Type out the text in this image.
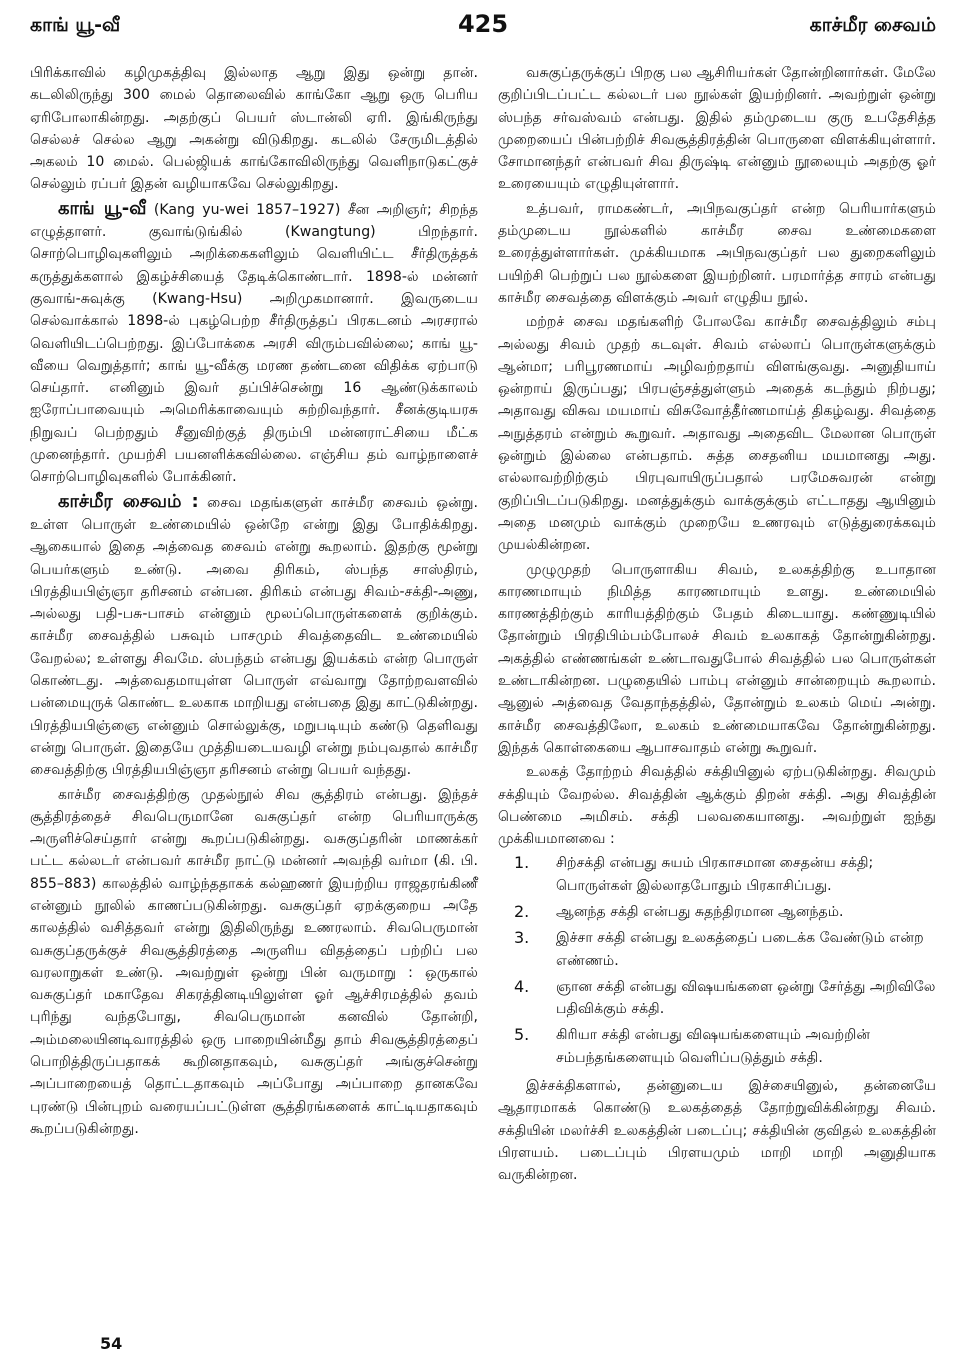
காங் யூ-வீ	425	காச்மீர சைவம்

பிரிக்காவில் கழிமுகத்திவு இல்லாத ஆறு இது ஒன்று தான். கடலிலிருந்து 300 மைல் தொலைவில் காங்கோ ஆறு ஒரு பெரிய ஏரிபோலாகின்றது. அதற்குப் பெயர் ஸ்டான்லி ஏரி. இங்கிருந்து செல்லச் செல்ல ஆறு அகன்று விடுகிறது. கடலில் சேருமிடத்தில் அகலம் 10 மைல். பெல்ஜியக் காங்கோவிலிருந்து வெளிநாடுகட்குச் செல்லும் ரப்பர் இதன் வழியாகவே செல்லுகிறது.

காங் யூ-வீ (Kang yu-wei 1857–1927) சீன அறிஞர்; சிறந்த எழுத்தாளர். குவாங்டுங்கில் (Kwangtung) பிறந்தார். சொற்பொழிவுகளிலும் அறிக்கைகளிலும் வெளியிட்ட சீர்திருத்தக் கருத்துக்களால் இகழ்ச்சியைத் தேடிக்கொண்டார். 1898-ல் மன்னர் குவாங்-சுவுக்கு (Kwang-Hsu) அறிமுகமானார். இவருடைய செல்வாக்கால் 1898-ல் புகழ்பெற்ற சீர்திருத்தப் பிரகடனம் அரசரால் வெளியிடப்பெற்றது. இப்போக்கை அரசி விரும்பவில்லை; காங் யூ-வீயை வெறுத்தார்; காங் யூ-வீக்கு மரண தண்டனை விதிக்க ஏற்பாடு செய்தார். எனினும் இவர் தப்பிச்சென்று 16 ஆண்டுக்காலம் ஐரோப்பாவையும் அமெரிக்காவையும் சுற்றிவந்தார். சீனக்குடியரசு நிறுவப் பெற்றதும் சீனுவிற்குத் திரும்பி மன்னராட்சியை மீட்க முனைந்தார். முயற்சி பயனளிக்கவில்லை. எஞ்சிய தம் வாழ்நாளைச் சொற்பொழிவுகளில் போக்கினர்.

காச்மீர சைவம் : சைவ மதங்களுள் காச்மீர சைவம் ஒன்று. உள்ள பொருள் உண்மையில் ஒன்றே என்று இது போதிக்கிறது. ஆகையால் இதை அத்வைத சைவம் என்று கூறலாம். இதற்கு மூன்று பெயர்களும் உண்டு. அவை திரிகம், ஸ்பந்த சாஸ்திரம், பிரத்தியபிஞ்ஞா தரிசனம் என்பன. திரிகம் என்பது சிவம்-சக்தி-அணு, அல்லது பதி-பசு-பாசம் என்னும் மூலப்பொருள்களைக் குறிக்கும். காச்மீர சைவத்தில் பசுவும் பாசமும் சிவத்தைவிட உண்மையில் வேறல்ல; உள்ளது சிவமே. ஸ்பந்தம் என்பது இயக்கம் என்ற பொருள் கொண்டது. அத்வைதமாயுள்ள பொருள் எவ்வாறு தோற்றவளவில் பன்மையுருக் கொண்ட உலகாக மாறியது என்பதை இது காட்டுகின்றது. பிரத்தியபிஞ்ஞை என்னும் சொல்லுக்கு, மறுபடியும் கண்டு தெளிவது என்று பொருள். இதையே முத்தியடையவழி என்று நம்புவதால் காச்மீர சைவத்திற்கு பிரத்தியபிஞ்ஞா தரிசனம் என்று பெயர் வந்தது.

காச்மீர சைவத்திற்கு முதல்நூல் சிவ சூத்திரம் என்பது. இந்தச் சூத்திரத்தைச் சிவபெருமானே வசுகுப்தர் என்ற பெரியாருக்கு அருளிச்செய்தார் என்று கூறப்படுகின்றது. வசுகுப்தரின் மாணக்கர் பட்ட கல்லடர் என்பவர் காச்மீர நாட்டு மன்னர் அவந்தி வர்மா (கி. பி. 855–883) காலத்தில் வாழ்ந்ததாகக் கல்ஹணர் இயற்றிய ராஜதரங்கிணீ என்னும் நூலில் காணப்படுகின்றது. வசுகுப்தர் ஏறக்குறைய அதே காலத்தில் வசித்தவர் என்று இதிலிருந்து உணரலாம். சிவபெருமான் வசுகுப்தருக்குச் சிவசூத்திரத்தை அருளிய விதத்தைப் பற்றிப் பல வரலாறுகள் உண்டு. அவற்றுள் ஒன்று பின் வருமாறு : ஒருகால் வசுகுப்தர் மகாதேவ சிகரத்தினடியிலுள்ள ஓர் ஆச்சிரமத்தில் தவம் புரிந்து வந்தபோது, சிவபெருமான் கனவில் தோன்றி, அம்மலையினடிவாரத்தில் ஒரு பாறையின்மீது தாம் சிவசூத்திரத்தைப் பொறித்திருப்பதாகக் கூறினதாகவும், வசுகுப்தர் அங்குச்சென்று அப்பாறையைத் தொட்டதாகவும் அப்போது அப்பாறை தானகவே புரண்டு பின்புறம் வரையப்பட்டுள்ள சூத்திரங்களைக் காட்டியதாகவும் கூறப்படுகின்றது.

வசுகுப்தருக்குப் பிறகு பல ஆசிரியர்கள் தோன்றினார்கள். மேலே குறிப்பிடப்பட்ட கல்லடர் பல நூல்கள் இயற்றினர். அவற்றுள் ஒன்று ஸ்பந்த சர்வஸ்வம் என்பது. இதில் தம்முடைய குரு உபதேசித்த முறையைப் பின்பற்றிச் சிவசூத்திரத்தின் பொருளை விளக்கியுள்ளார். சோமானந்தர் என்பவர் சிவ திருஷ்டி என்னும் நூலையும் அதற்கு ஓர் உரையையும் எழுதியுள்ளார்.

உத்பவர், ராமகண்டர், அபிநவகுப்தர் என்ற பெரியார்களும் தம்முடைய நூல்களில் காச்மீர சைவ உண்மைகளை உரைத்துள்ளார்கள். முக்கியமாக அபிநவகுப்தர் பல துறைகளிலும் பயிற்சி பெற்றுப் பல நூல்களை இயற்றினர். பரமார்த்த சாரம் என்பது காச்மீர சைவத்தை விளக்கும் அவர் எழுதிய நூல்.

மற்றச் சைவ மதங்களிற் போலவே காச்மீர சைவத்திலும் சம்பு அல்லது சிவம் முதற் கடவுள். சிவம் எல்லாப் பொருள்களுக்கும் ஆன்மா; பரிபூரணமாய் அழிவற்றதாய் விளங்குவது. அனுதியாய் ஒன்றாய் இருப்பது; பிரபஞ்சத்துள்ளும் அதைக் கடந்தும் நிற்பது; அதாவது விசுவ மயமாய் விசுவோத்தீர்ணமாய்த் திகழ்வது. சிவத்தை அநுத்தரம் என்றும் கூறுவர். அதாவது அதைவிட மேலான பொருள் ஒன்றும் இல்லை என்பதாம். சுத்த சைதனிய மயமானது அது. எல்லாவற்றிற்கும் பிரபுவாயிருப்பதால் பரமேசுவரன் என்று குறிப்பிடப்படுகிறது. மனத்துக்கும் வாக்குக்கும் எட்டாதது ஆயினும் அதை மனமும் வாக்கும் முறையே உணரவும் எடுத்துரைக்கவும் முயல்கின்றன.

முழுமுதற் பொருளாகிய சிவம், உலகத்திற்கு உபாதான காரணமாயும் நிமித்த காரணமாயும் உளது. உண்மையில் காரணத்திற்கும் காரியத்திற்கும் பேதம் கிடையாது. கண்ணுடியில் தோன்றும் பிரதிபிம்பம்போலச் சிவம் உலகாகத் தோன்றுகின்றது. அகத்தில் எண்ணங்கள் உண்டாவதுபோல் சிவத்தில் பல பொருள்கள் உண்டாகின்றன. பழுதையில் பாம்பு என்னும் சான்றையும் கூறலாம். ஆனுல் அத்வைத வேதாந்தத்தில், தோன்றும் உலகம் மெய் அன்று. காச்மீர சைவத்திலோ, உலகம் உண்மையாகவே தோன்றுகின்றது. இந்தக் கொள்கையை ஆபாசவாதம் என்று கூறுவர்.

உலகத் தோற்றம் சிவத்தில் சக்தியினுல் ஏற்படுகின்றது. சிவமும் சக்தியும் வேறல்ல. சிவத்தின் ஆக்கும் திறன் சக்தி. அது சிவத்தின் பெண்மை அமிசம். சக்தி பலவகையானது. அவற்றுள் ஐந்து முக்கியமானவை :

1.	சிற்சக்தி என்பது சுயம் பிரகாசமான சைதன்ய சக்தி; பொருள்கள் இல்லாதபோதும் பிரகாசிப்பது.
2.	ஆனந்த சக்தி என்பது சுதந்திரமான ஆனந்தம்.
3.	இச்சா சக்தி என்பது உலகத்தைப் படைக்க வேண்டும் என்ற எண்ணம்.
4.	ஞான சக்தி என்பது விஷயங்களை ஒன்று சேர்த்து அறிவிலே பதிவிக்கும் சக்தி.
5.	கிரியா சக்தி என்பது விஷயங்களையும் அவற்றின் சம்பந்தங்களையும் வெளிப்படுத்தும் சக்தி.

இச்சக்திகளால், தன்னுடைய இச்சையினுல், தன்னையே ஆதாரமாகக் கொண்டு உலகத்தைத் தோற்றுவிக்கின்றது சிவம். சக்தியின் மலர்ச்சி உலகத்தின் படைப்பு; சக்தியின் குவிதல் உலகத்தின் பிரளயம். படைப்பும் பிரளயமும் மாறி மாறி அனுதியாக வருகின்றன.

54
